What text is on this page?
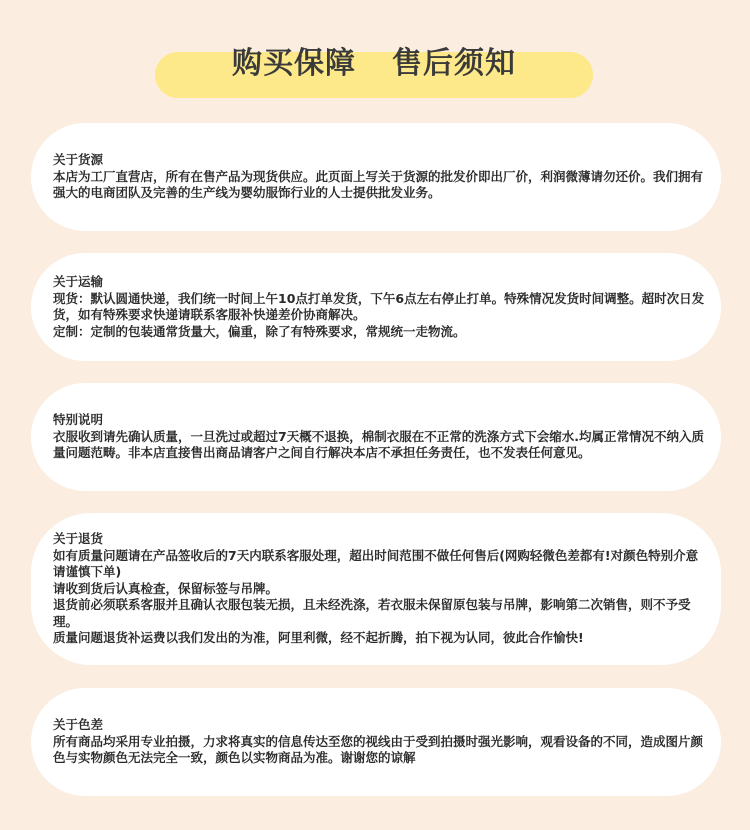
购买保障 售后须知
关于货源
本店为工厂直营店，所有在售产品为现货供应。此页面上写关于货源的批发价即出厂价，利润微薄请勿还价。我们拥有强大的电商团队及完善的生产线为婴幼服饰行业的人士提供批发业务。
关于运输
现货：默认圆通快递，我们统一时间上午10点打单发货，下午6点左右停止打单。特殊情况发货时间调整。超时次日发货，如有特殊要求快递请联系客服补快递差价协商解决。
定制：定制的包装通常货量大，偏重，除了有特殊要求，常规统一走物流。
特别说明
衣服收到请先确认质量，一旦洗过或超过7天概不退换，棉制衣服在不正常的洗涤方式下会缩水.均属正常情况不纳入质量问题范畴。非本店直接售出商品请客户之间自行解决本店不承担任务责任，也不发表任何意见。
关于退货
如有质量问题请在产品签收后的7天内联系客服处理，超出时间范围不做任何售后(网购轻微色差都有!对颜色特别介意请谨慎下单)
请收到货后认真检查，保留标签与吊牌。
退货前必须联系客服并且确认衣服包装无损，且未经洗涤，若衣服未保留原包装与吊牌，影响第二次销售，则不予受理。
质量问题退货补运费以我们发出的为准，阿里利微，经不起折腾，拍下视为认同，彼此合作愉快!
关于色差
所有商品均采用专业拍摄，力求将真实的信息传达至您的视线由于受到拍摄时强光影响，观看设备的不同，造成图片颜色与实物颜色无法完全一致，颜色以实物商品为准。谢谢您的谅解
